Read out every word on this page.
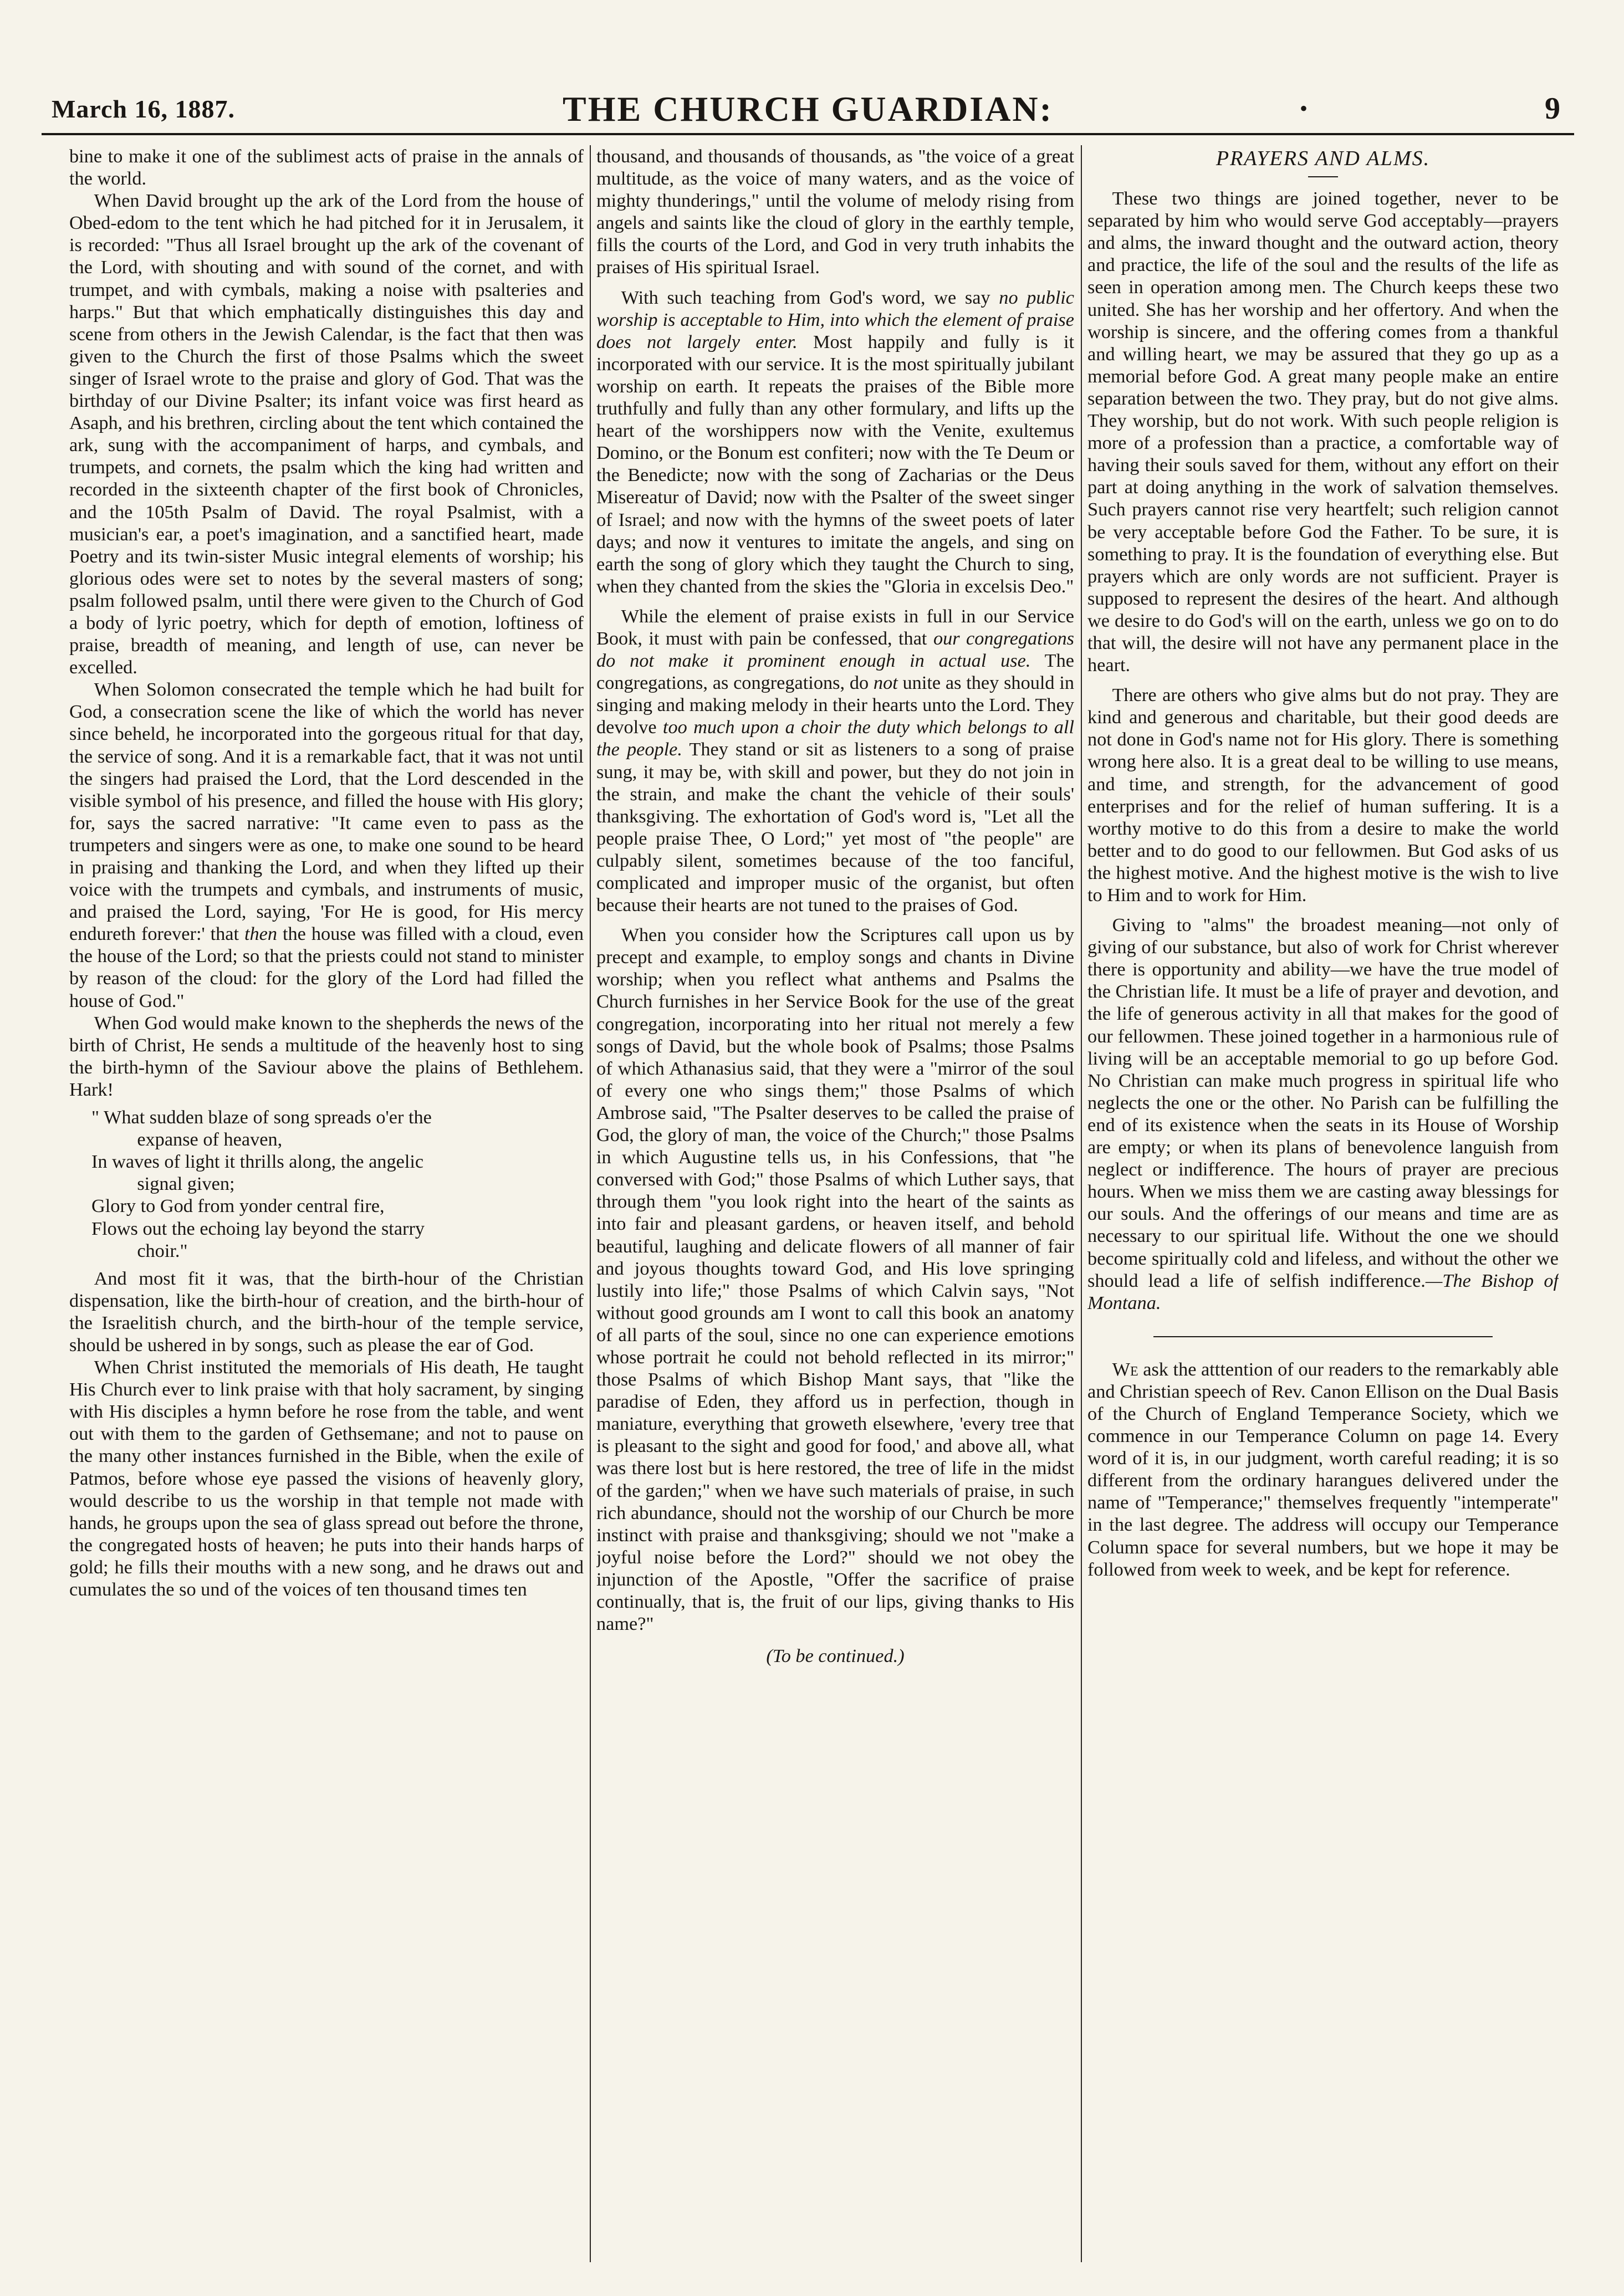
March 16, 1887.	THE CHURCH GUARDIAN:	•	9

bine to make it one of the sublimest acts of praise in the annals of the world.

When David brought up the ark of the Lord from the house of Obed-edom to the tent which he had pitched for it in Jerusalem, it is recorded: "Thus all Israel brought up the ark of the covenant of the Lord, with shouting and with sound of the cornet, and with trumpet, and with cymbals, making a noise with psalteries and harps." But that which emphatically distinguishes this day and scene from others in the Jewish Calendar, is the fact that then was given to the Church the first of those Psalms which the sweet singer of Israel wrote to the praise and glory of God. That was the birthday of our Divine Psalter; its infant voice was first heard as Asaph, and his brethren, circling about the tent which contained the ark, sung with the accompaniment of harps, and cymbals, and trumpets, and cornets, the psalm which the king had written and recorded in the sixteenth chapter of the first book of Chronicles, and the 105th Psalm of David. The royal Psalmist, with a musician's ear, a poet's imagination, and a sanctified heart, made Poetry and its twin-sister Music integral elements of worship; his glorious odes were set to notes by the several masters of song; psalm followed psalm, until there were given to the Church of God a body of lyric poetry, which for depth of emotion, loftiness of praise, breadth of meaning, and length of use, can never be excelled.

When Solomon consecrated the temple which he had built for God, a consecration scene the like of which the world has never since beheld, he incorporated into the gorgeous ritual for that day, the service of song. And it is a remarkable fact, that it was not until the singers had praised the Lord, that the Lord descended in the visible symbol of his presence, and filled the house with His glory; for, says the sacred narrative: "It came even to pass as the trumpeters and singers were as one, to make one sound to be heard in praising and thanking the Lord, and when they lifted up their voice with the trumpets and cymbals, and instruments of music, and praised the Lord, saying, 'For He is good, for His mercy endureth forever:' that then the house was filled with a cloud, even the house of the Lord; so that the priests could not stand to minister by reason of the cloud: for the glory of the Lord had filled the house of God."

When God would make known to the shepherds the news of the birth of Christ, He sends a multitude of the heavenly host to sing the birth-hymn of the Saviour above the plains of Bethlehem. Hark!

" What sudden blaze of song spreads o'er the
expanse of heaven,
In waves of light it thrills along, the angelic
signal given;
Glory to God from yonder central fire,
Flows out the echoing lay beyond the starry
choir."

And most fit it was, that the birth-hour of the Christian dispensation, like the birth-hour of creation, and the birth-hour of the Israelitish church, and the birth-hour of the temple service, should be ushered in by songs, such as please the ear of God.

When Christ instituted the memorials of His death, He taught His Church ever to link praise with that holy sacrament, by singing with His disciples a hymn before he rose from the table, and went out with them to the garden of Gethsemane; and not to pause on the many other instances furnished in the Bible, when the exile of Patmos, before whose eye passed the visions of heavenly glory, would describe to us the worship in that temple not made with hands, he groups upon the sea of glass spread out before the throne, the congregated hosts of heaven; he puts into their hands harps of gold; he fills their mouths with a new song, and he draws out and cumulates the so und of the voices of ten thousand times ten

thousand, and thousands of thousands, as "the voice of a great multitude, as the voice of many waters, and as the voice of mighty thunderings," until the volume of melody rising from angels and saints like the cloud of glory in the earthly temple, fills the courts of the Lord, and God in very truth inhabits the praises of His spiritual Israel.

With such teaching from God's word, we say no public worship is acceptable to Him, into which the element of praise does not largely enter. Most happily and fully is it incorporated with our service. It is the most spiritually jubilant worship on earth. It repeats the praises of the Bible more truthfully and fully than any other formulary, and lifts up the heart of the worshippers now with the Venite, exultemus Domino, or the Bonum est confiteri; now with the Te Deum or the Benedicte; now with the song of Zacharias or the Deus Misereatur of David; now with the Psalter of the sweet singer of Israel; and now with the hymns of the sweet poets of later days; and now it ventures to imitate the angels, and sing on earth the song of glory which they taught the Church to sing, when they chanted from the skies the "Gloria in excelsis Deo."

While the element of praise exists in full in our Service Book, it must with pain be confessed, that our congregations do not make it prominent enough in actual use. The congregations, as congregations, do not unite as they should in singing and making melody in their hearts unto the Lord. They devolve too much upon a choir the duty which belongs to all the people. They stand or sit as listeners to a song of praise sung, it may be, with skill and power, but they do not join in the strain, and make the chant the vehicle of their souls' thanksgiving. The exhortation of God's word is, "Let all the people praise Thee, O Lord;" yet most of "the people" are culpably silent, sometimes because of the too fanciful, complicated and improper music of the organist, but often because their hearts are not tuned to the praises of God.

When you consider how the Scriptures call upon us by precept and example, to employ songs and chants in Divine worship; when you reflect what anthems and Psalms the Church furnishes in her Service Book for the use of the great congregation, incorporating into her ritual not merely a few songs of David, but the whole book of Psalms; those Psalms of which Athanasius said, that they were a "mirror of the soul of every one who sings them;" those Psalms of which Ambrose said, "The Psalter deserves to be called the praise of God, the glory of man, the voice of the Church;" those Psalms in which Augustine tells us, in his Confessions, that "he conversed with God;" those Psalms of which Luther says, that through them "you look right into the heart of the saints as into fair and pleasant gardens, or heaven itself, and behold beautiful, laughing and delicate flowers of all manner of fair and joyous thoughts toward God, and His love springing lustily into life;" those Psalms of which Calvin says, "Not without good grounds am I wont to call this book an anatomy of all parts of the soul, since no one can experience emotions whose portrait he could not behold reflected in its mirror;" those Psalms of which Bishop Mant says, that "like the paradise of Eden, they afford us in perfection, though in maniature, everything that groweth elsewhere, 'every tree that is pleasant to the sight and good for food,' and above all, what was there lost but is here restored, the tree of life in the midst of the garden;" when we have such materials of praise, in such rich abundance, should not the worship of our Church be more instinct with praise and thanksgiving; should we not "make a joyful noise before the Lord?" should we not obey the injunction of the Apostle, "Offer the sacrifice of praise continually, that is, the fruit of our lips, giving thanks to His name?"

(To be continued.)

PRAYERS AND ALMS.

These two things are joined together, never to be separated by him who would serve God acceptably—prayers and alms, the inward thought and the outward action, theory and practice, the life of the soul and the results of the life as seen in operation among men. The Church keeps these two united. She has her worship and her offertory. And when the worship is sincere, and the offering comes from a thankful and willing heart, we may be assured that they go up as a memorial before God. A great many people make an entire separation between the two. They pray, but do not give alms. They worship, but do not work. With such people religion is more of a profession than a practice, a comfortable way of having their souls saved for them, without any effort on their part at doing anything in the work of salvation themselves. Such prayers cannot rise very heartfelt; such religion cannot be very acceptable before God the Father. To be sure, it is something to pray. It is the foundation of everything else. But prayers which are only words are not sufficient. Prayer is supposed to represent the desires of the heart. And although we desire to do God's will on the earth, unless we go on to do that will, the desire will not have any permanent place in the heart.

There are others who give alms but do not pray. They are kind and generous and charitable, but their good deeds are not done in God's name not for His glory. There is something wrong here also. It is a great deal to be willing to use means, and time, and strength, for the advancement of good enterprises and for the relief of human suffering. It is a worthy motive to do this from a desire to make the world better and to do good to our fellowmen. But God asks of us the highest motive. And the highest motive is the wish to live to Him and to work for Him.

Giving to "alms" the broadest meaning—not only of giving of our substance, but also of work for Christ wherever there is opportunity and ability—we have the true model of the Christian life. It must be a life of prayer and devotion, and the life of generous activity in all that makes for the good of our fellowmen. These joined together in a harmonious rule of living will be an acceptable memorial to go up before God. No Christian can make much progress in spiritual life who neglects the one or the other. No Parish can be fulfilling the end of its existence when the seats in its House of Worship are empty; or when its plans of benevolence languish from neglect or indifference. The hours of prayer are precious hours. When we miss them we are casting away blessings for our souls. And the offerings of our means and time are as necessary to our spiritual life. Without the one we should become spiritually cold and lifeless, and without the other we should lead a life of selfish indifference.—The Bishop of Montana.

We ask the atttention of our readers to the remarkably able and Christian speech of Rev. Canon Ellison on the Dual Basis of the Church of England Temperance Society, which we commence in our Temperance Column on page 14. Every word of it is, in our judgment, worth careful reading; it is so different from the ordinary harangues delivered under the name of "Temperance;" themselves frequently "intemperate" in the last degree. The address will occupy our Temperance Column space for several numbers, but we hope it may be followed from week to week, and be kept for reference.
